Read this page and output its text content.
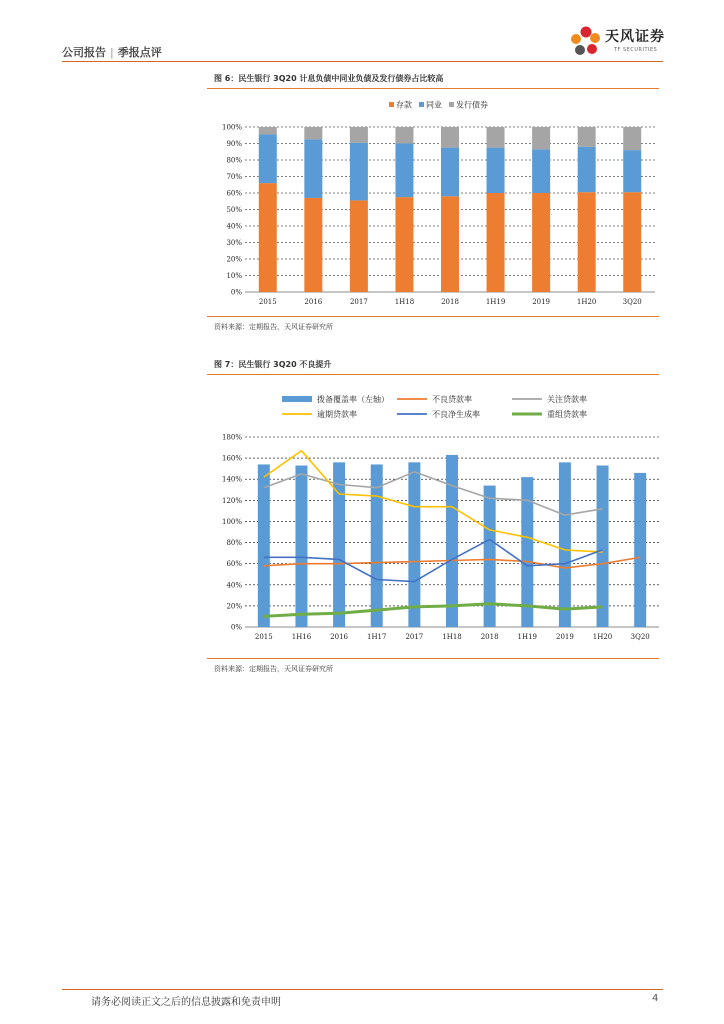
公司报告 | 季报点评
天风证券
TF SECURITIES
图 6：民生银行 3Q20 计息负债中同业负债及发行债券占比较高
存款 同业 发行债券
0%
10%
20%
30%
40%
50%
60%
70%
80%
90%
100%
2015	2016	2017	1H18	2018	1H19	2019	1H20	3Q20
资料来源：定期报告，天风证券研究所
图 7：民生银行 3Q20 不良提升
拨备覆盖率（左轴）	不良贷款率	关注贷款率
逾期贷款率	不良净生成率	重组贷款率
0%
20%
40%
60%
80%
100%
120%
140%
160%
180%
2015	1H16	2016	1H17	2017	1H18	2018	1H19	2019	1H20	3Q20
资料来源：定期报告，天风证券研究所
请务必阅读正文之后的信息披露和免责申明	4
